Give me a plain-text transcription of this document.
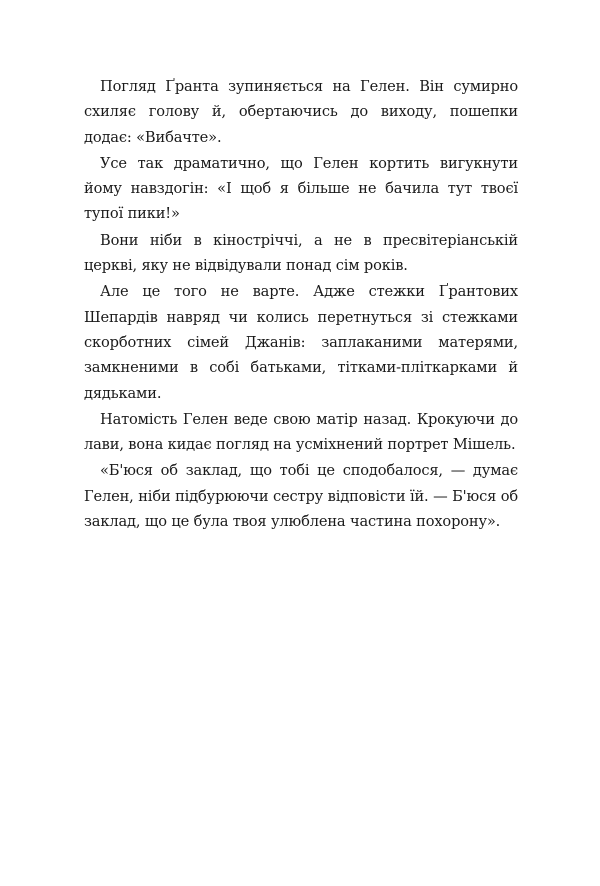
Погляд Ґранта зупиняється на Гелен. Він сумирно схиляє голову й, обертаючись до виходу, пошепки додає: «Вибачте».

Усе так драматично, що Гелен кортить вигукнути йому навздогін: «І щоб я більше не бачила тут твоєї тупої пики!»

Вони ніби в кіностріччі, а не в пресвітеріанській церкві, яку не відвідували понад сім років.

Але це того не варте. Адже стежки Ґрантових Шепардів навряд чи колись перетнуться зі стежками скорботних сімей Джанів: заплаканими матерями, замкненими в собі батьками, тітками-пліткарками й дядьками.

Натомість Гелен веде свою матір назад. Крокуючи до лави, вона кидає погляд на усміхнений портрет Мішель.

«Б'юся об заклад, що тобі це сподобалося, — думає Гелен, ніби підбурюючи сестру відповісти їй. — Б'юся об заклад, що це була твоя улюблена частина похорону».
